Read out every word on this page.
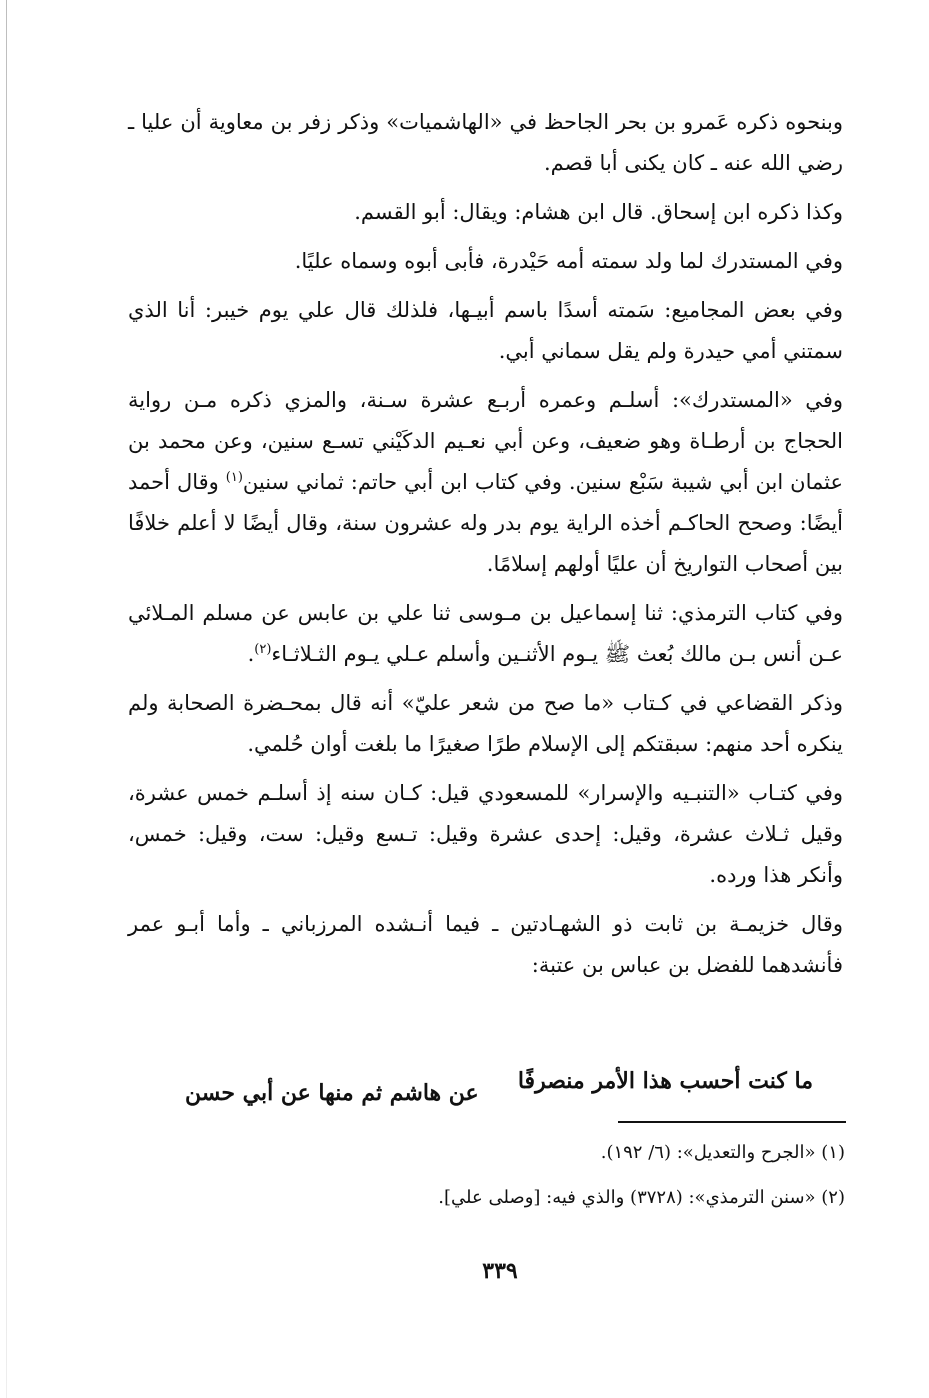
وبنحوه ذكره عَمرو بن بحر الجاحظ في «الهاشميات» وذكر زفر بن معاوية أن عليا ـ رضي الله عنه ـ كان يكنى أبا قصم.

وكذا ذكره ابن إسحاق. قال ابن هشام: ويقال: أبو القسم.

وفي المستدرك لما ولد سمته أمه حَيْدرة، فأبى أبوه وسماه عليًا.

وفي بعض المجاميع: سَمته أسدًا باسم أبيـها، فلذلك قال علي يوم خيبر: أنا الذي سمتني أمي حيدرة ولم يقل سماني أبي.

وفي «المستدرك»: أسلـم وعمره أربـع عشرة سـنة، والمزي ذكره مـن رواية الحجاج بن أرطـاة وهو ضعيف، وعن أبي نعـيم الدكَيْني تسـع سنين، وعن محمد بن عثمان ابن أبي شيبة سَبْع سنين. وفي كتاب ابن أبي حاتم: ثماني سنين$^{(١)}$ وقال أحمد أيضًا: وصحح الحاكـم أخذه الراية يوم بدر وله عشرون سنة، وقال أيضًا لا أعلم خلافًا بين أصحاب التواريخ أن عليًا أولهم إسلامًا.

وفي كتاب الترمذي: ثنا إسماعيل بن مـوسى ثنا علي بن عابس عن مسلم المـلائي عـن أنس بـن مالك بُعث ﷺ يـوم الأثنـين وأسلم عـلي يـوم الثـلاثـاء$^{(٢)}$.

وذكر القضاعي في كـتاب «ما صح من شعر عليّ» أنه قال بمحـضرة الصحابة ولم ينكره أحد منهم: سبقتكم إلى الإسلام طرًا صغيرًا ما بلغت أوان حُلمي.

وفي كتـاب «التنبـيه والإسرار» للمسعودي قيل: كـان سنه إذ أسلـم خمس عشرة، وقيل ثـلاث عشرة، وقيل: إحدى عشرة وقيل: تـسع وقيل: ست، وقيل: خمس، وأنكر هذا ورده.

وقال خزيمـة بن ثابت ذو الشهـادتين ـ فيما أنـشده المرزباني ـ وأما أبـو عمر فأنشدهما للفضل بن عباس بن عتبة:

ما كنت أحسب هذا الأمر منصرفًا
عن هاشم ثم منها عن أبي حسن

(١) «الجرح والتعديل»: (٦/ ١٩٢).

(٢) «سنن الترمذي»: (٣٧٢٨) والذي فيه: [وصلى علي].

٣٣٩
